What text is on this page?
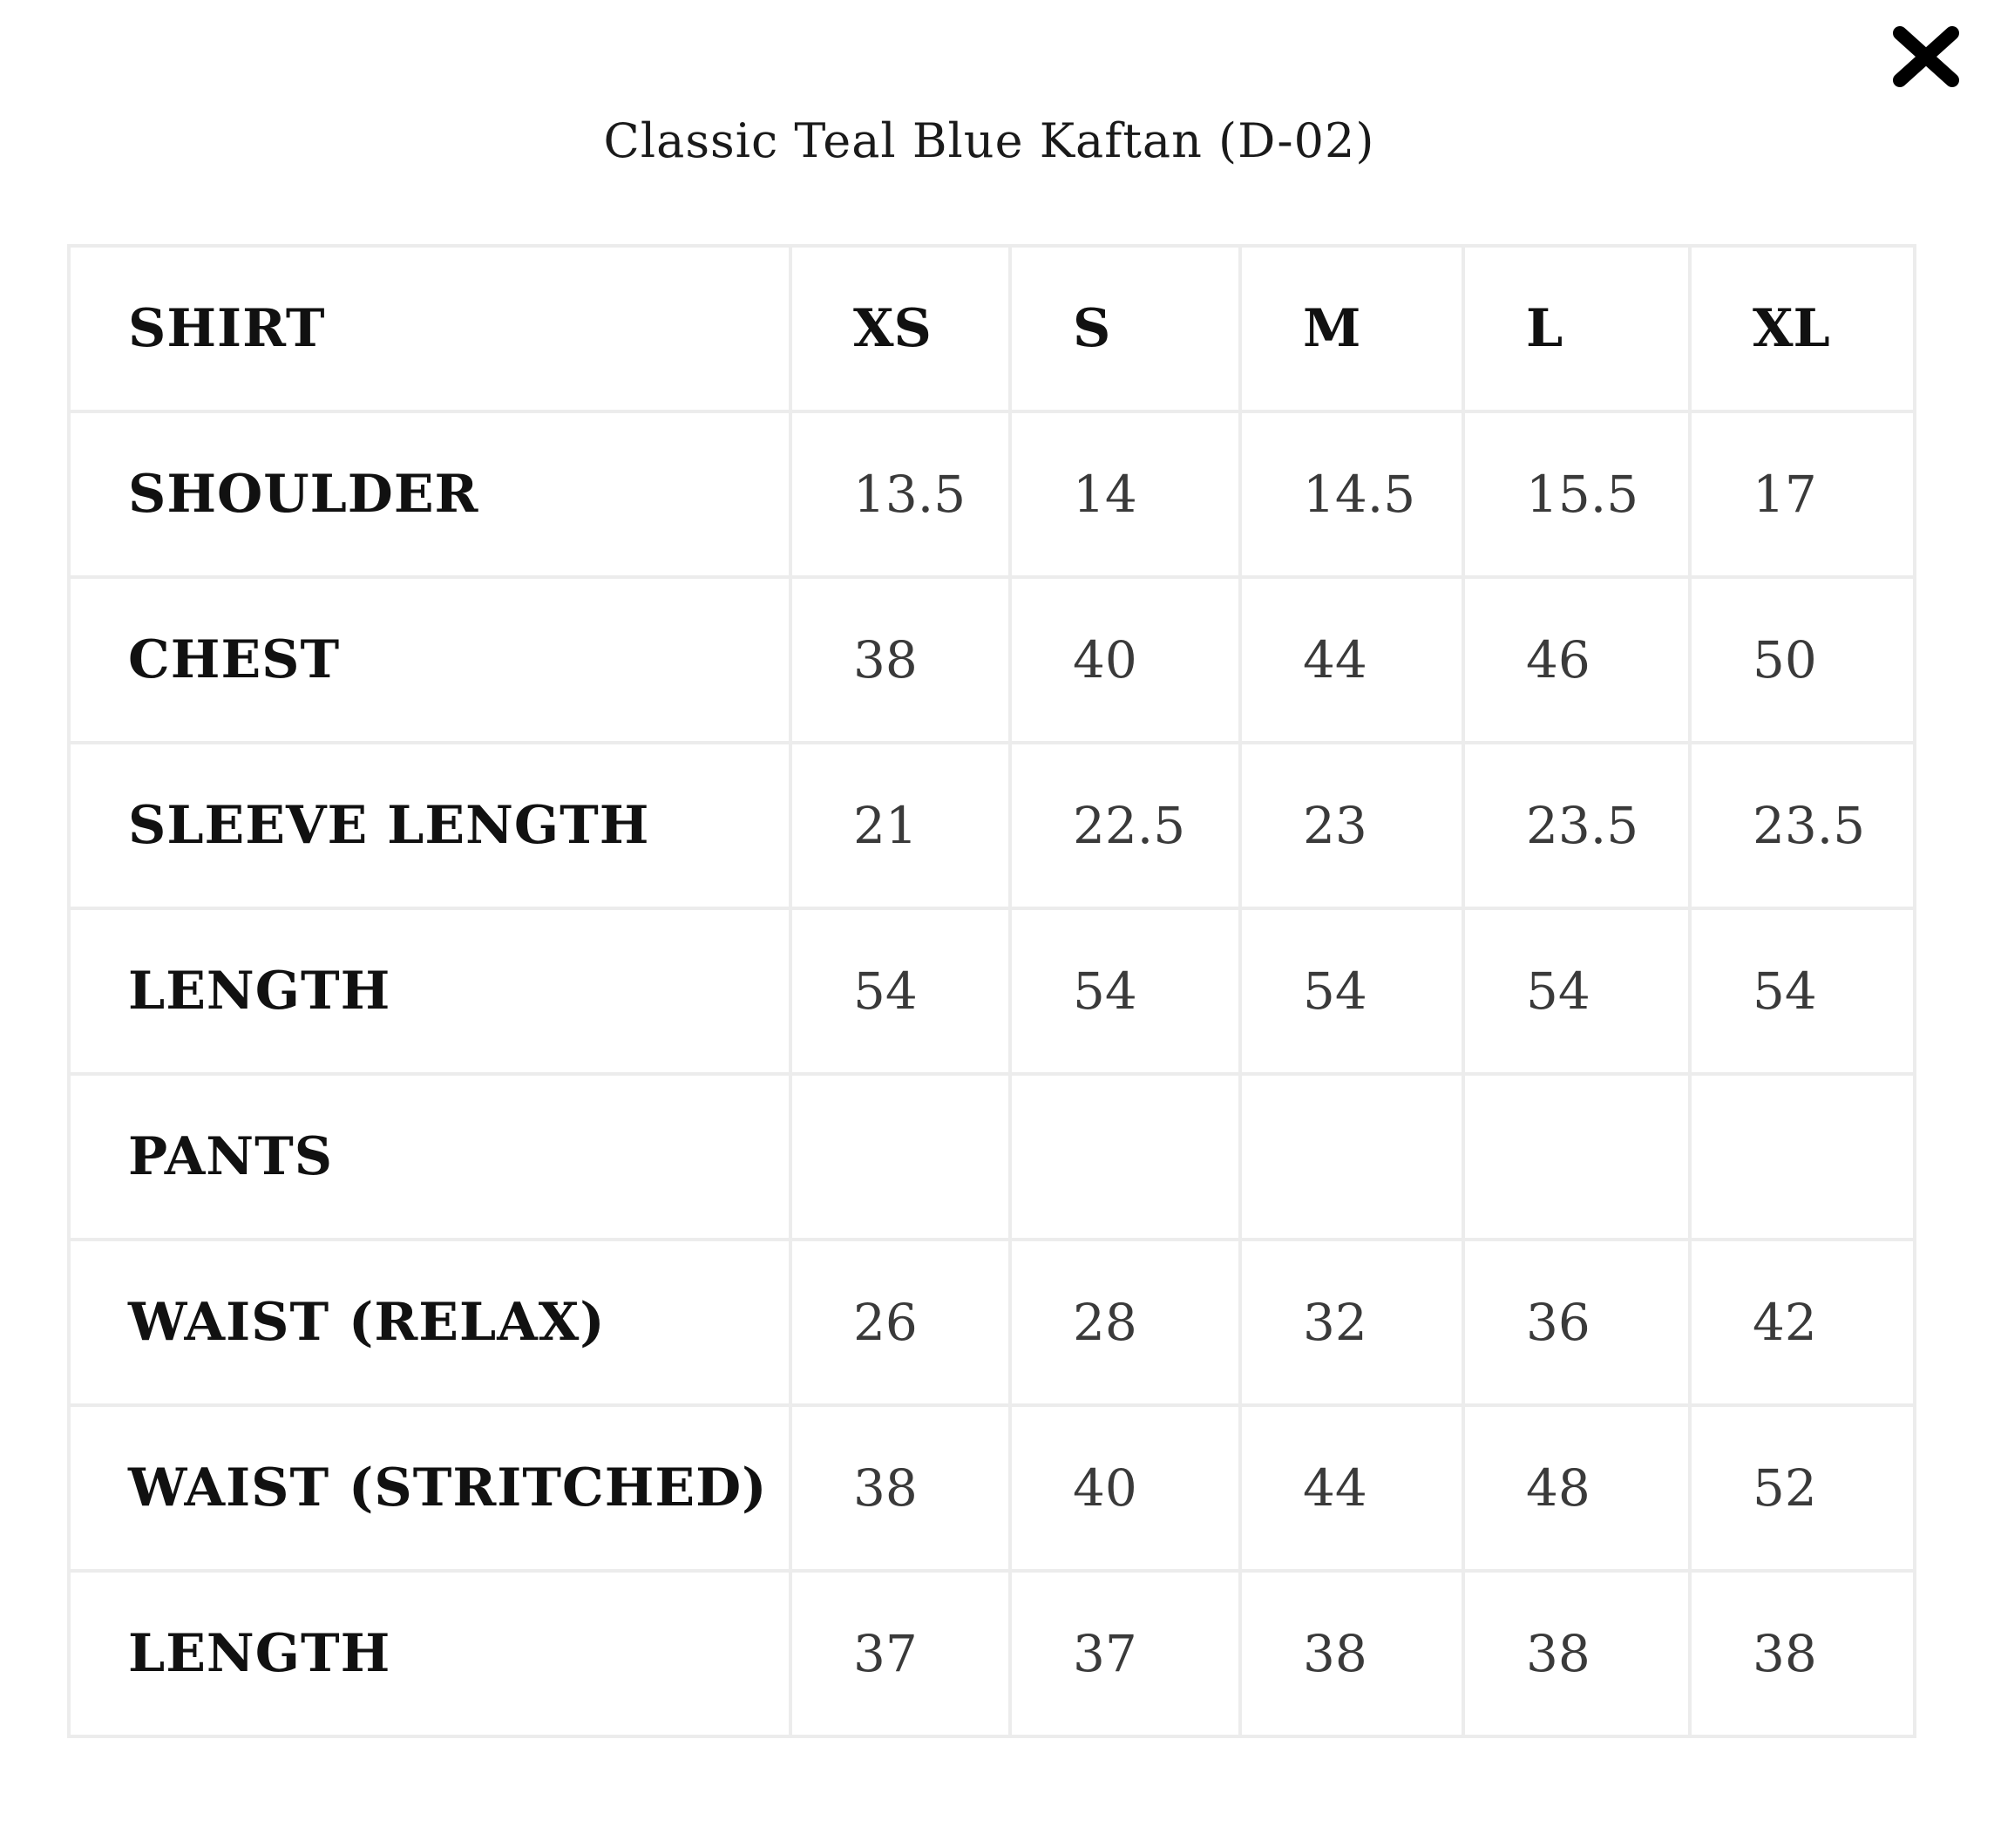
Classic Teal Blue Kaftan (D-02)
SHIRT	XS	S	M	L	XL
SHOULDER	13.5	14	14.5	15.5	17
CHEST	38	40	44	46	50
SLEEVE LENGTH	21	22.5	23	23.5	23.5
LENGTH	54	54	54	54	54
PANTS					
WAIST (RELAX)	26	28	32	36	42
WAIST (STRITCHED)	38	40	44	48	52
LENGTH	37	37	38	38	38
